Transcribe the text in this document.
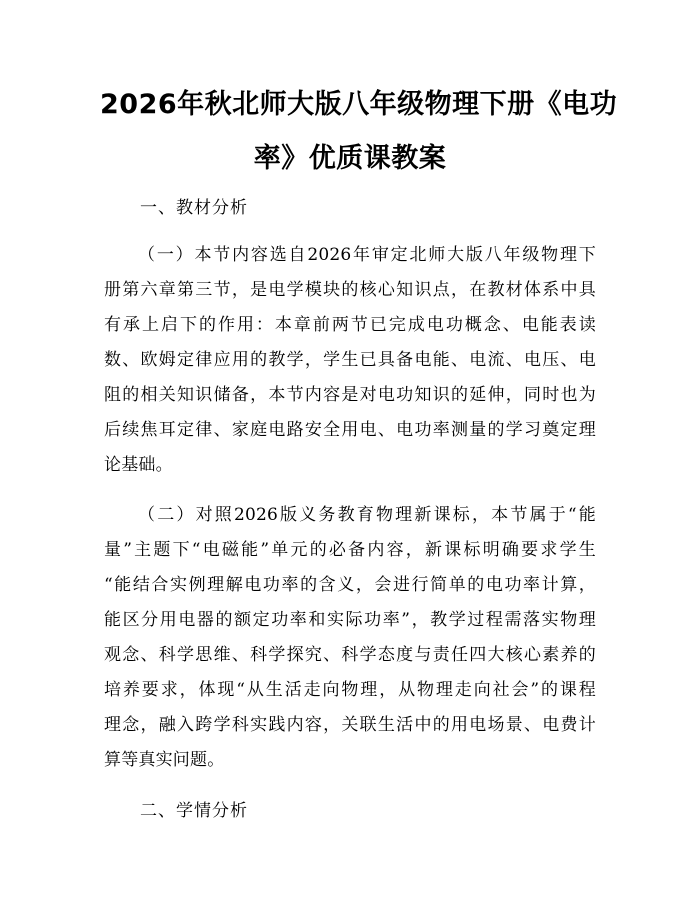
2026年秋北师大版八年级物理下册《电功
率》优质课教案
一、教材分析
（一）本节内容选自2026年审定北师大版八年级物理下
册第六章第三节，是电学模块的核心知识点，在教材体系中具
有承上启下的作用：本章前两节已完成电功概念、电能表读
数、欧姆定律应用的教学，学生已具备电能、电流、电压、电
阻的相关知识储备，本节内容是对电功知识的延伸，同时也为
后续焦耳定律、家庭电路安全用电、电功率测量的学习奠定理
论基础。
（二）对照2026版义务教育物理新课标，本节属于“能
量”主题下“电磁能”单元的必备内容，新课标明确要求学生
“能结合实例理解电功率的含义，会进行简单的电功率计算，
能区分用电器的额定功率和实际功率”，教学过程需落实物理
观念、科学思维、科学探究、科学态度与责任四大核心素养的
培养要求，体现“从生活走向物理，从物理走向社会”的课程
理念，融入跨学科实践内容，关联生活中的用电场景、电费计
算等真实问题。
二、学情分析
